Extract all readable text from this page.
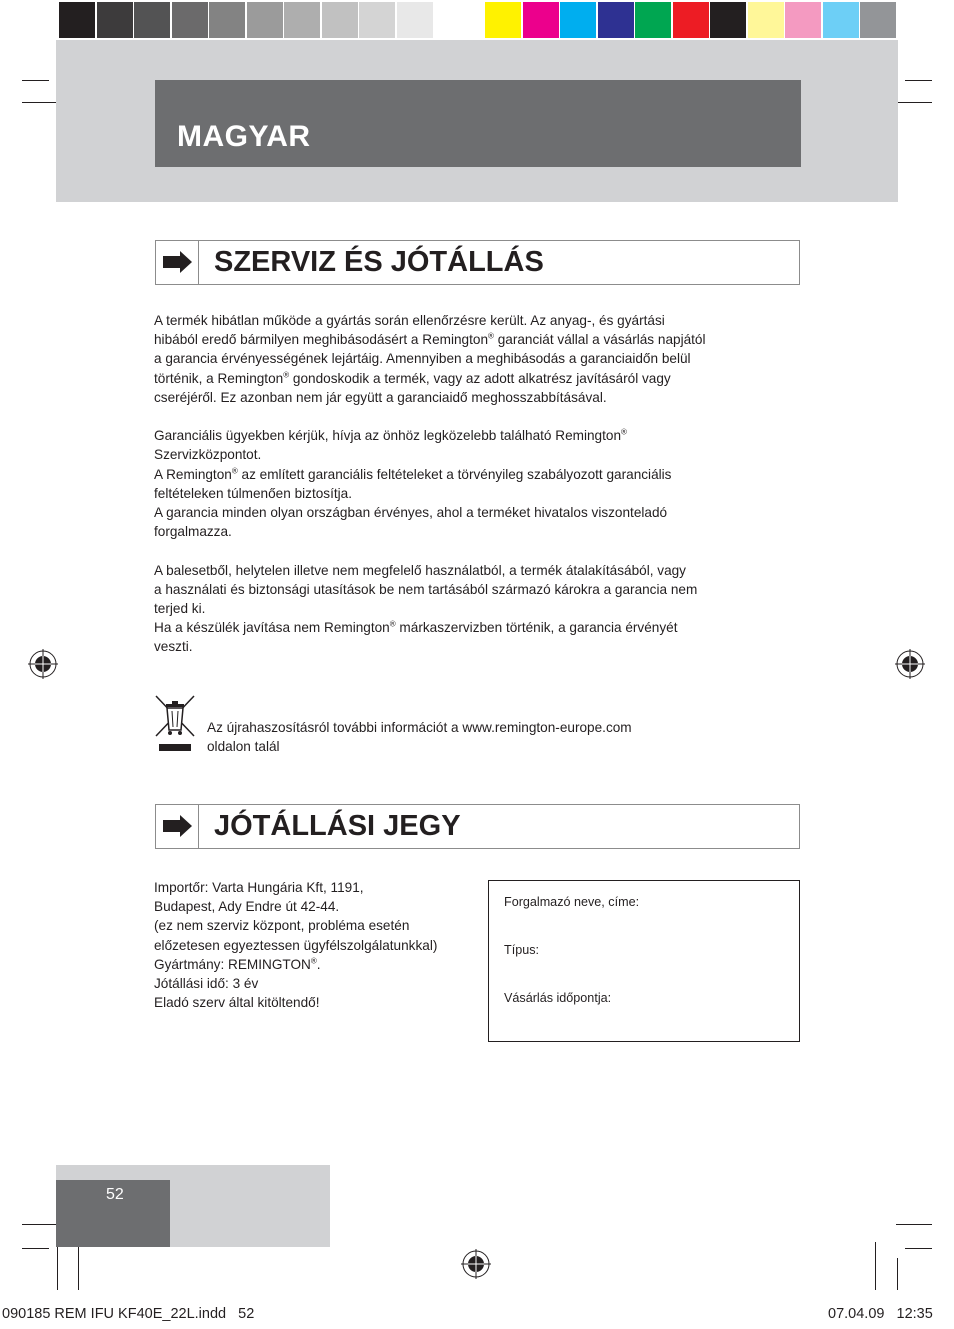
MAGYAR
SZERVIZ ÉS JÓTÁLLÁS

A termék hibátlan működe a gyártás során ellenőrzésre került. Az anyag-, és gyártási

hibából eredő bármilyen meghibásodásért a Remington® garanciát vállal a vásárlás napjától

a garancia érvényességének lejártáig. Amennyiben a meghibásodás a garanciaidőn belül

történik, a Remington® gondoskodik a termék, vagy az adott alkatrész javításáról vagy

cseréjéről. Ez azonban nem jár együtt a garanciaidő meghosszabbításával.

Garanciális ügyekben kérjük, hívja az önhöz legközelebb található Remington®

Szervizközpontot.

A Remington® az említett garanciális feltételeket a törvényileg szabályozott garanciális

feltételeken túlmenően biztosítja.

A garancia minden olyan országban érvényes, ahol a terméket hivatalos viszonteladó

forgalmazza.

A balesetből, helytelen illetve nem megfelelő használatból, a termék átalakításából, vagy

a használati és biztonsági utasítások be nem tartásából származó károkra a garancia nem

terjed ki.

Ha a készülék javítása nem Remington® márkaszervizben történik, a garancia érvényét

veszti.

Az újrahaszosításról további információt a www.remington-europe.com
oldalon talál
JÓTÁLLÁSI JEGY

Importőr: Varta Hungária Kft, 1191,

Budapest, Ady Endre út 42-44.

(ez nem szerviz központ, probléma esetén

előzetesen egyeztessen ügyfélszolgálatunkkal)

Gyártmány: REMINGTON®.

Jótállási idő: 3 év

Eladó szerv által kitöltendő!

Forgalmazó neve, címe:
Típus:
Vásárlás időpontja:
52
090185 REM IFU KF40E_22L.indd   52	07.04.09   12:35
